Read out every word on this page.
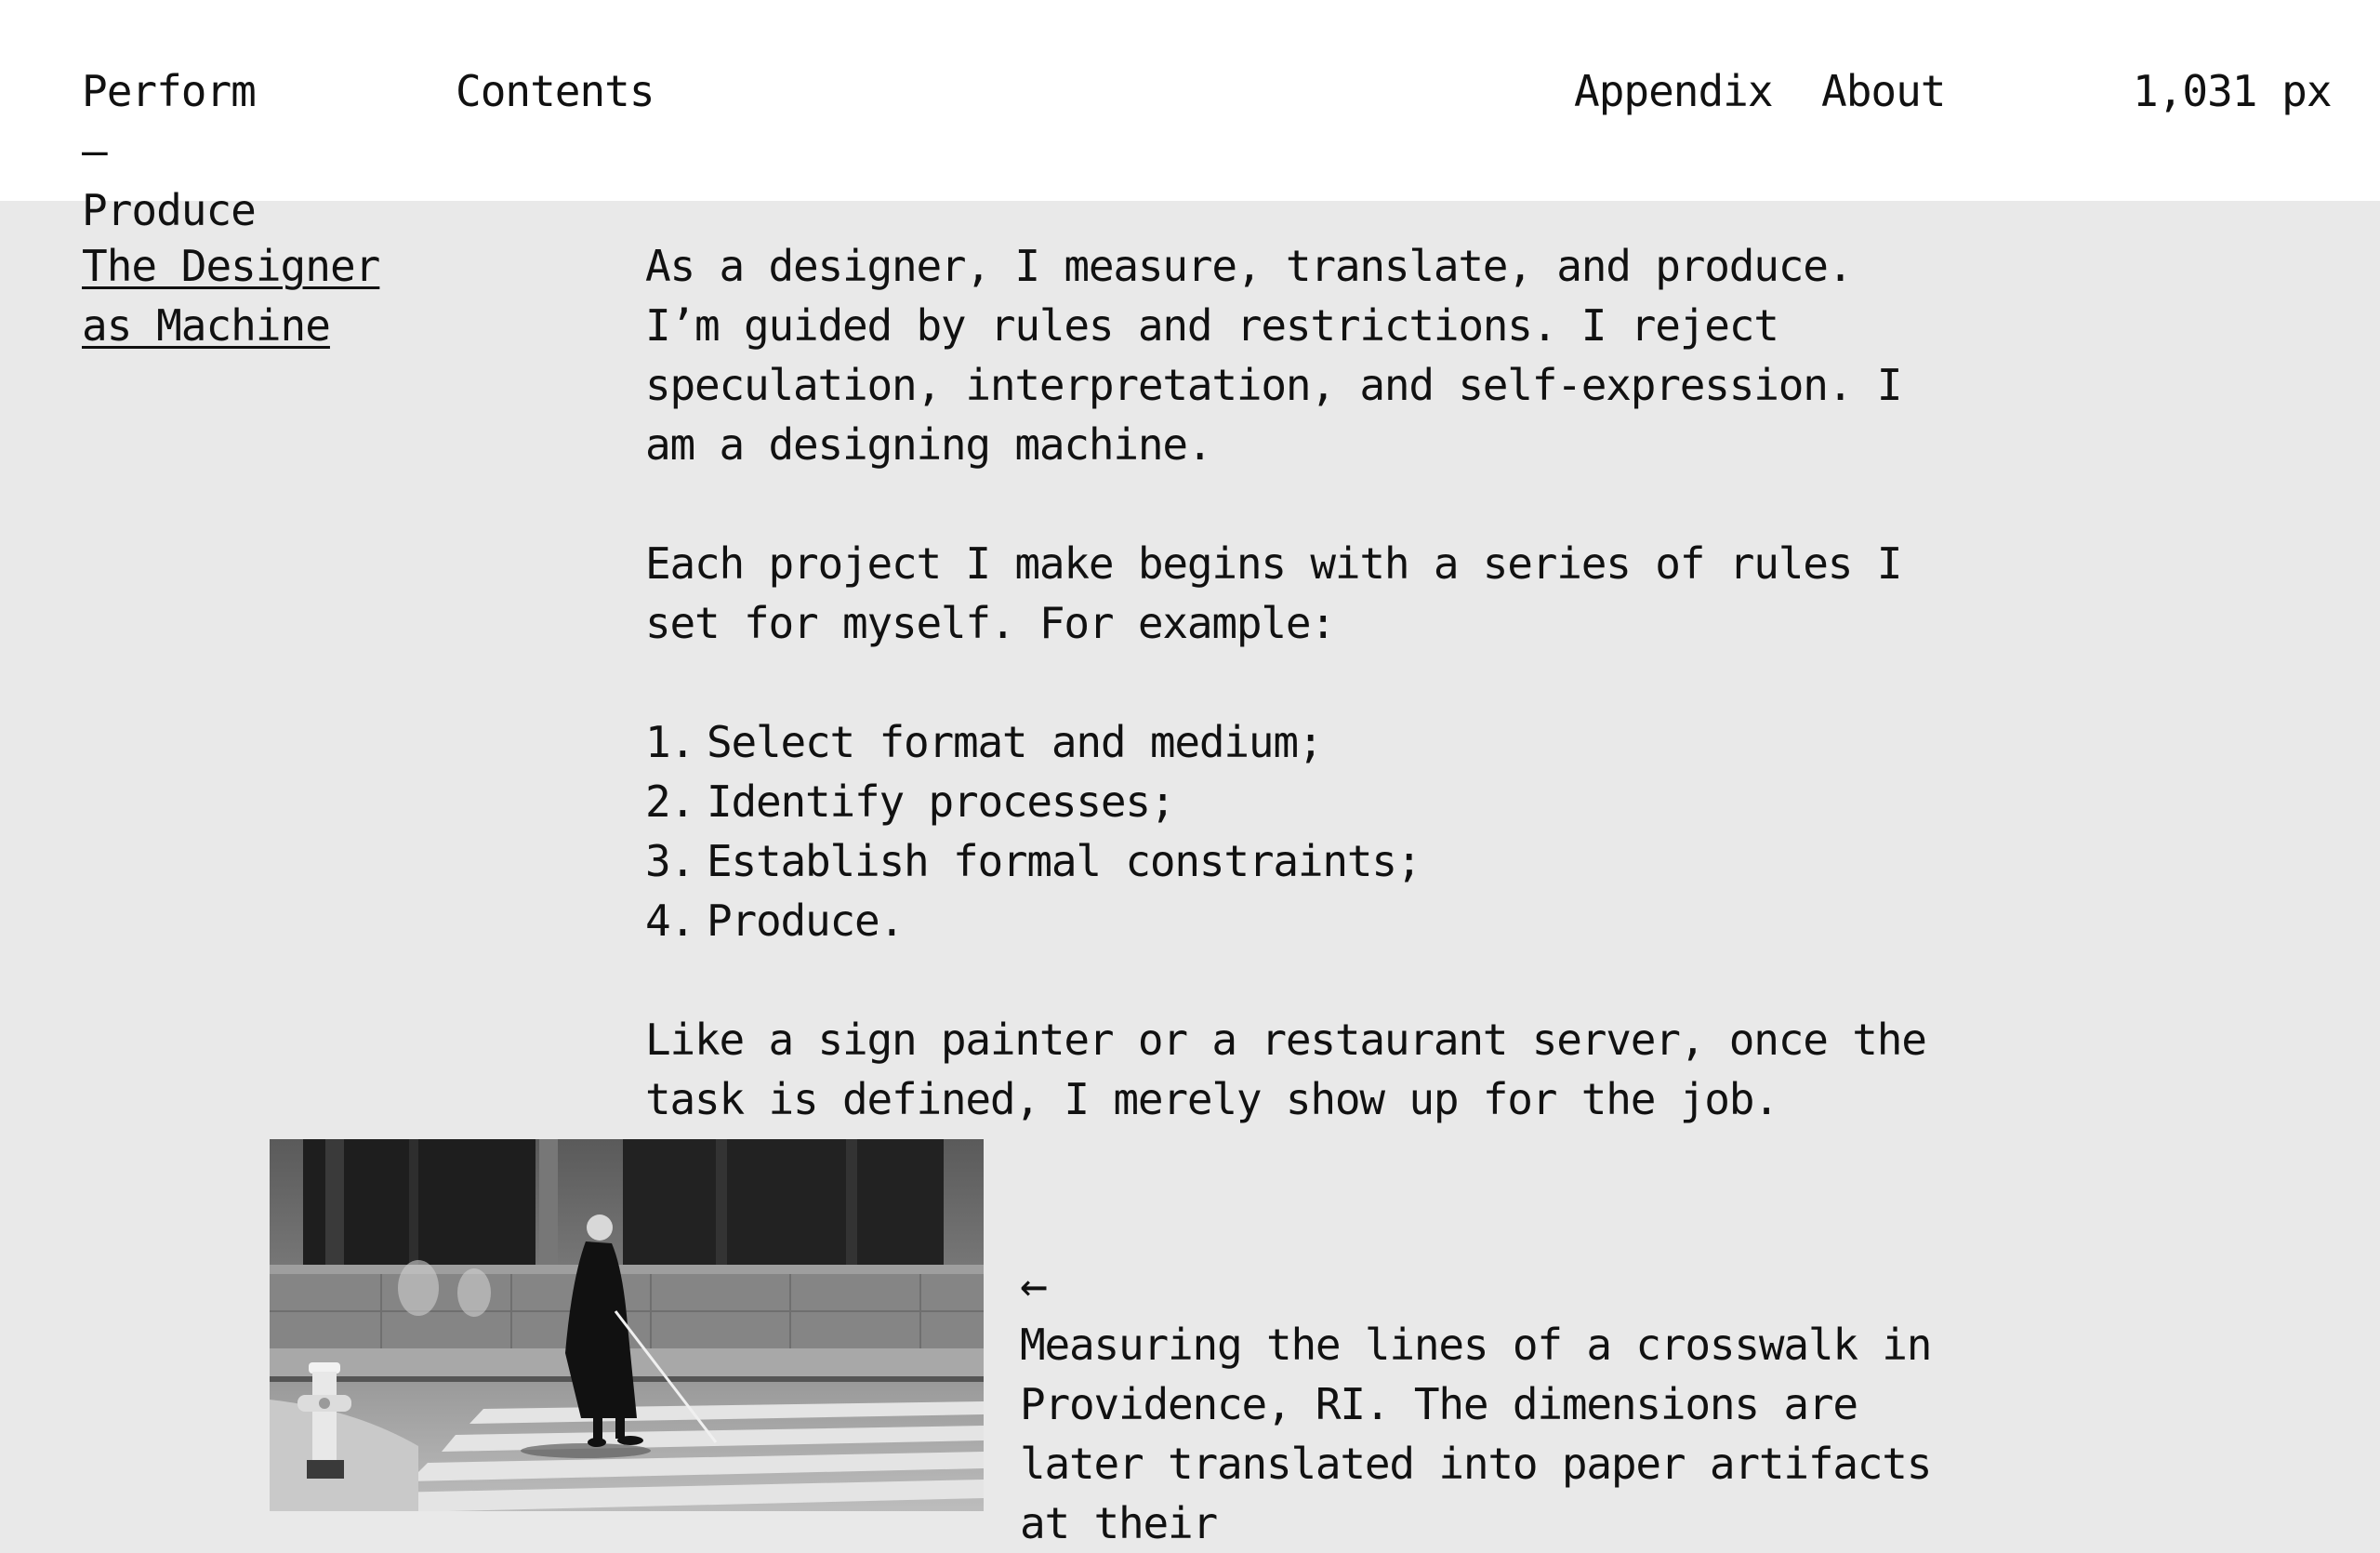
Perform — Produce
Contents	Appendix About	1,031 px
The Designer as Machine

As a designer, I measure, translate, and produce. I’m guided by rules and restrictions. I reject speculation, interpretation, and self-expression. I am a designing machine.

Each project I make begins with a series of rules I set for myself. For example:

1. Select format and medium;
2. Identify processes;
3. Establish formal constraints;
4. Produce.

Like a sign painter or a restaurant server, once the task is defined, I merely show up for the job.

←
Measuring the lines of a crosswalk in Providence, RI. The dimensions are later translated into paper artifacts at their
